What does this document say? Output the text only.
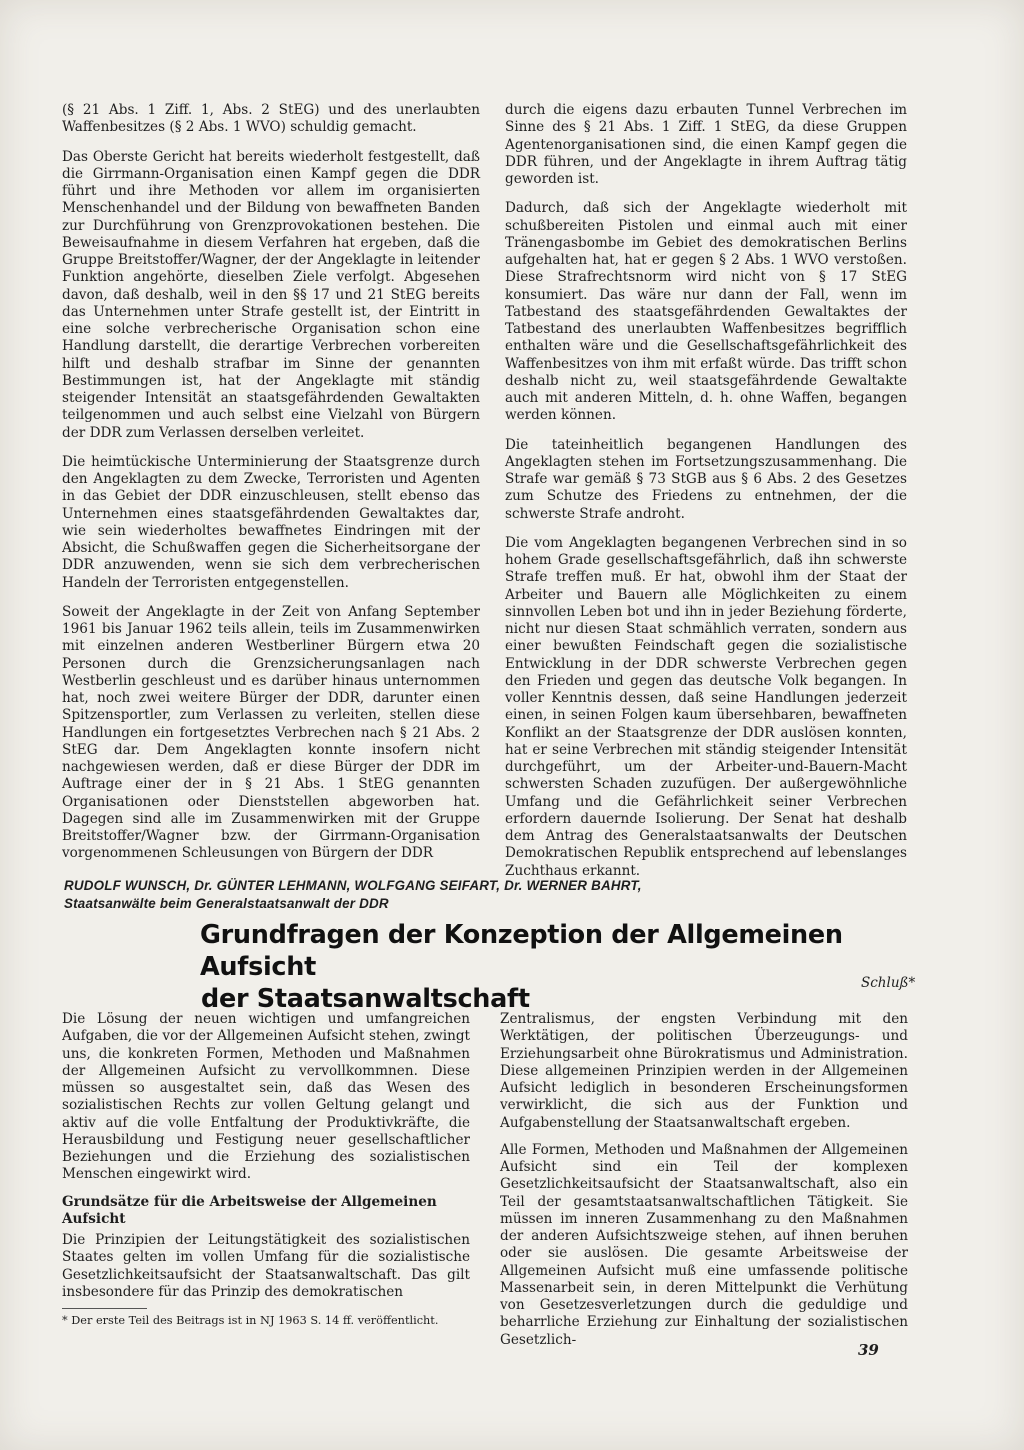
(§ 21 Abs. 1 Ziff. 1, Abs. 2 StEG) und des unerlaubten Waffenbesitzes (§ 2 Abs. 1 WVO) schuldig gemacht.

Das Oberste Gericht hat bereits wiederholt festgestellt, daß die Girrmann-Organisation einen Kampf gegen die DDR führt und ihre Methoden vor allem im organisierten Menschenhandel und der Bildung von bewaffneten Banden zur Durchführung von Grenzprovokationen bestehen. Die Beweisaufnahme in diesem Verfahren hat ergeben, daß die Gruppe Breitstoffer/Wagner, der der Angeklagte in leitender Funktion angehörte, dieselben Ziele verfolgt. Abgesehen davon, daß deshalb, weil in den §§ 17 und 21 StEG bereits das Unternehmen unter Strafe gestellt ist, der Eintritt in eine solche verbrecherische Organisation schon eine Handlung darstellt, die derartige Verbrechen vorbereiten hilft und deshalb strafbar im Sinne der genannten Bestimmungen ist, hat der Angeklagte mit ständig steigender Intensität an staatsgefährdenden Gewaltakten teilgenommen und auch selbst eine Vielzahl von Bürgern der DDR zum Verlassen derselben verleitet.

Die heimtückische Unterminierung der Staatsgrenze durch den Angeklagten zu dem Zwecke, Terroristen und Agenten in das Gebiet der DDR einzuschleusen, stellt ebenso das Unternehmen eines staatsgefährdenden Gewaltaktes dar, wie sein wiederholtes bewaffnetes Eindringen mit der Absicht, die Schußwaffen gegen die Sicherheitsorgane der DDR anzuwenden, wenn sie sich dem verbrecherischen Handeln der Terroristen entgegenstellen.

Soweit der Angeklagte in der Zeit von Anfang September 1961 bis Januar 1962 teils allein, teils im Zusammenwirken mit einzelnen anderen Westberliner Bürgern etwa 20 Personen durch die Grenzsicherungsanlagen nach Westberlin geschleust und es darüber hinaus unternommen hat, noch zwei weitere Bürger der DDR, darunter einen Spitzensportler, zum Verlassen zu verleiten, stellen diese Handlungen ein fortgesetztes Verbrechen nach § 21 Abs. 2 StEG dar. Dem Angeklagten konnte insofern nicht nachgewiesen werden, daß er diese Bürger der DDR im Auftrage einer der in § 21 Abs. 1 StEG genannten Organisationen oder Dienststellen abgeworben hat. Dagegen sind alle im Zusammenwirken mit der Gruppe Breitstoffer/Wagner bzw. der Girrmann-Organisation vorgenommenen Schleusungen von Bürgern der DDR

durch die eigens dazu erbauten Tunnel Verbrechen im Sinne des § 21 Abs. 1 Ziff. 1 StEG, da diese Gruppen Agentenorganisationen sind, die einen Kampf gegen die DDR führen, und der Angeklagte in ihrem Auftrag tätig geworden ist.

Dadurch, daß sich der Angeklagte wiederholt mit schußbereiten Pistolen und einmal auch mit einer Tränengasbombe im Gebiet des demokratischen Berlins aufgehalten hat, hat er gegen § 2 Abs. 1 WVO verstoßen. Diese Strafrechtsnorm wird nicht von § 17 StEG konsumiert. Das wäre nur dann der Fall, wenn im Tatbestand des staatsgefährdenden Gewaltaktes der Tatbestand des unerlaubten Waffenbesitzes begrifflich enthalten wäre und die Gesellschaftsgefährlichkeit des Waffenbesitzes von ihm mit erfaßt würde. Das trifft schon deshalb nicht zu, weil staatsgefährdende Gewaltakte auch mit anderen Mitteln, d. h. ohne Waffen, begangen werden können.

Die tateinheitlich begangenen Handlungen des Angeklagten stehen im Fortsetzungszusammenhang. Die Strafe war gemäß § 73 StGB aus § 6 Abs. 2 des Gesetzes zum Schutze des Friedens zu entnehmen, der die schwerste Strafe androht.

Die vom Angeklagten begangenen Verbrechen sind in so hohem Grade gesellschaftsgefährlich, daß ihn schwerste Strafe treffen muß. Er hat, obwohl ihm der Staat der Arbeiter und Bauern alle Möglichkeiten zu einem sinnvollen Leben bot und ihn in jeder Beziehung förderte, nicht nur diesen Staat schmählich verraten, sondern aus einer bewußten Feindschaft gegen die sozialistische Entwicklung in der DDR schwerste Verbrechen gegen den Frieden und gegen das deutsche Volk begangen. In voller Kenntnis dessen, daß seine Handlungen jederzeit einen, in seinen Folgen kaum übersehbaren, bewaffneten Konflikt an der Staatsgrenze der DDR auslösen konnten, hat er seine Verbrechen mit ständig steigender Intensität durchgeführt, um der Arbeiter-und-Bauern-Macht schwersten Schaden zuzufügen. Der außergewöhnliche Umfang und die Gefährlichkeit seiner Verbrechen erfordern dauernde Isolierung. Der Senat hat deshalb dem Antrag des Generalstaatsanwalts der Deutschen Demokratischen Republik entsprechend auf lebenslanges Zuchthaus erkannt.

RUDOLF WUNSCH, Dr. GÜNTER LEHMANN, WOLFGANG SEIFART, Dr. WERNER BAHRT,
Staatsanwälte beim Generalstaatsanwalt der DDR
Grundfragen der Konzeption der Allgemeinen Aufsicht
der Staatsanwaltschaft
Schluß*

Die Lösung der neuen wichtigen und umfangreichen Aufgaben, die vor der Allgemeinen Aufsicht stehen, zwingt uns, die konkreten Formen, Methoden und Maßnahmen der Allgemeinen Aufsicht zu vervollkommnen. Diese müssen so ausgestaltet sein, daß das Wesen des sozialistischen Rechts zur vollen Geltung gelangt und aktiv auf die volle Entfaltung der Produktivkräfte, die Herausbildung und Festigung neuer gesellschaftlicher Beziehungen und die Erziehung des sozialistischen Menschen eingewirkt wird.

Grundsätze für die Arbeitsweise der Allgemeinen Aufsicht

Die Prinzipien der Leitungstätigkeit des sozialistischen Staates gelten im vollen Umfang für die sozialistische Gesetzlichkeitsaufsicht der Staatsanwaltschaft. Das gilt insbesondere für das Prinzip des demokratischen

Zentralismus, der engsten Verbindung mit den Werktätigen, der politischen Überzeugungs- und Erziehungsarbeit ohne Bürokratismus und Administration. Diese allgemeinen Prinzipien werden in der Allgemeinen Aufsicht lediglich in besonderen Erscheinungsformen verwirklicht, die sich aus der Funktion und Aufgabenstellung der Staatsanwaltschaft ergeben.

Alle Formen, Methoden und Maßnahmen der Allgemeinen Aufsicht sind ein Teil der komplexen Gesetzlichkeitsaufsicht der Staatsanwaltschaft, also ein Teil der gesamtstaatsanwaltschaftlichen Tätigkeit. Sie müssen im inneren Zusammenhang zu den Maßnahmen der anderen Aufsichtszweige stehen, auf ihnen beruhen oder sie auslösen. Die gesamte Arbeitsweise der Allgemeinen Aufsicht muß eine umfassende politische Massenarbeit sein, in deren Mittelpunkt die Verhütung von Gesetzesverletzungen durch die geduldige und beharrliche Erziehung zur Einhaltung der sozialistischen Gesetzlich-

* Der erste Teil des Beitrags ist in NJ 1963 S. 14 ff. veröffentlicht.
39
